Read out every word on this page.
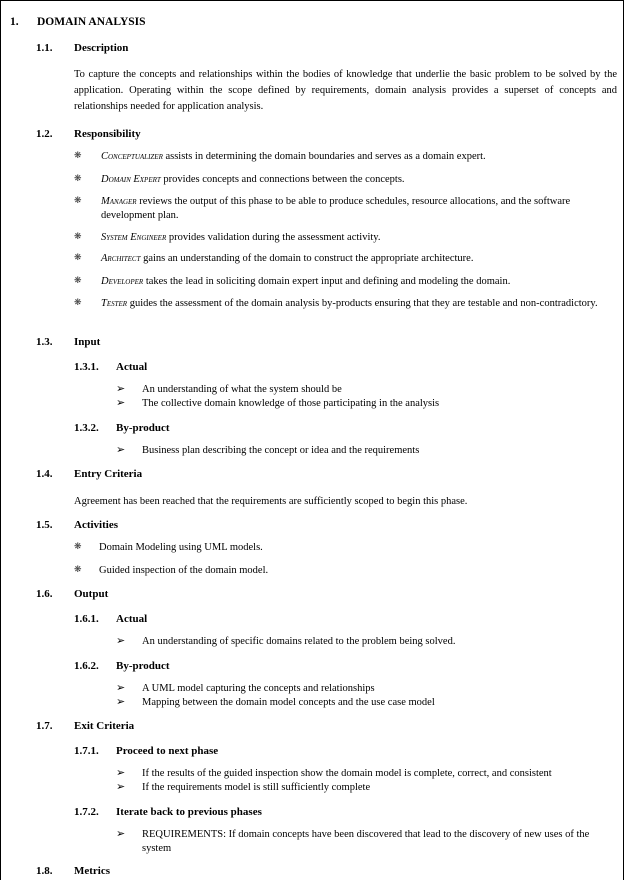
1. DOMAIN ANALYSIS
1.1. Description
To capture the concepts and relationships within the bodies of knowledge that underlie the basic problem to be solved by the application. Operating within the scope defined by requirements, domain analysis provides a superset of concepts and relationships needed for application analysis.
1.2. Responsibility
❋ Conceptualizer assists in determining the domain boundaries and serves as a domain expert.
❋ Domain Expert provides concepts and connections between the concepts.
❋ Manager reviews the output of this phase to be able to produce schedules, resource allocations, and the software development plan.
❋ System Engineer provides validation during the assessment activity.
❋ Architect gains an understanding of the domain to construct the appropriate architecture.
❋ Developer takes the lead in soliciting domain expert input and defining and modeling the domain.
❋ Tester guides the assessment of the domain analysis by-products ensuring that they are testable and non-contradictory.
1.3. Input
1.3.1. Actual
➢ An understanding of what the system should be
➢ The collective domain knowledge of those participating in the analysis
1.3.2. By-product
➢ Business plan describing the concept or idea and the requirements
1.4. Entry Criteria
Agreement has been reached that the requirements are sufficiently scoped to begin this phase.
1.5. Activities
❋ Domain Modeling using UML models.
❋ Guided inspection of the domain model.
1.6. Output
1.6.1. Actual
➢ An understanding of specific domains related to the problem being solved.
1.6.2. By-product
➢ A UML model capturing the concepts and relationships
➢ Mapping between the domain model concepts and the use case model
1.7. Exit Criteria
1.7.1. Proceed to next phase
➢ If the results of the guided inspection show the domain model is complete, correct, and consistent
➢ If the requirements model is still sufficiently complete
1.7.2. Iterate back to previous phases
➢ REQUIREMENTS: If domain concepts have been discovered that lead to the discovery of new uses of the system
1.8. Metrics
